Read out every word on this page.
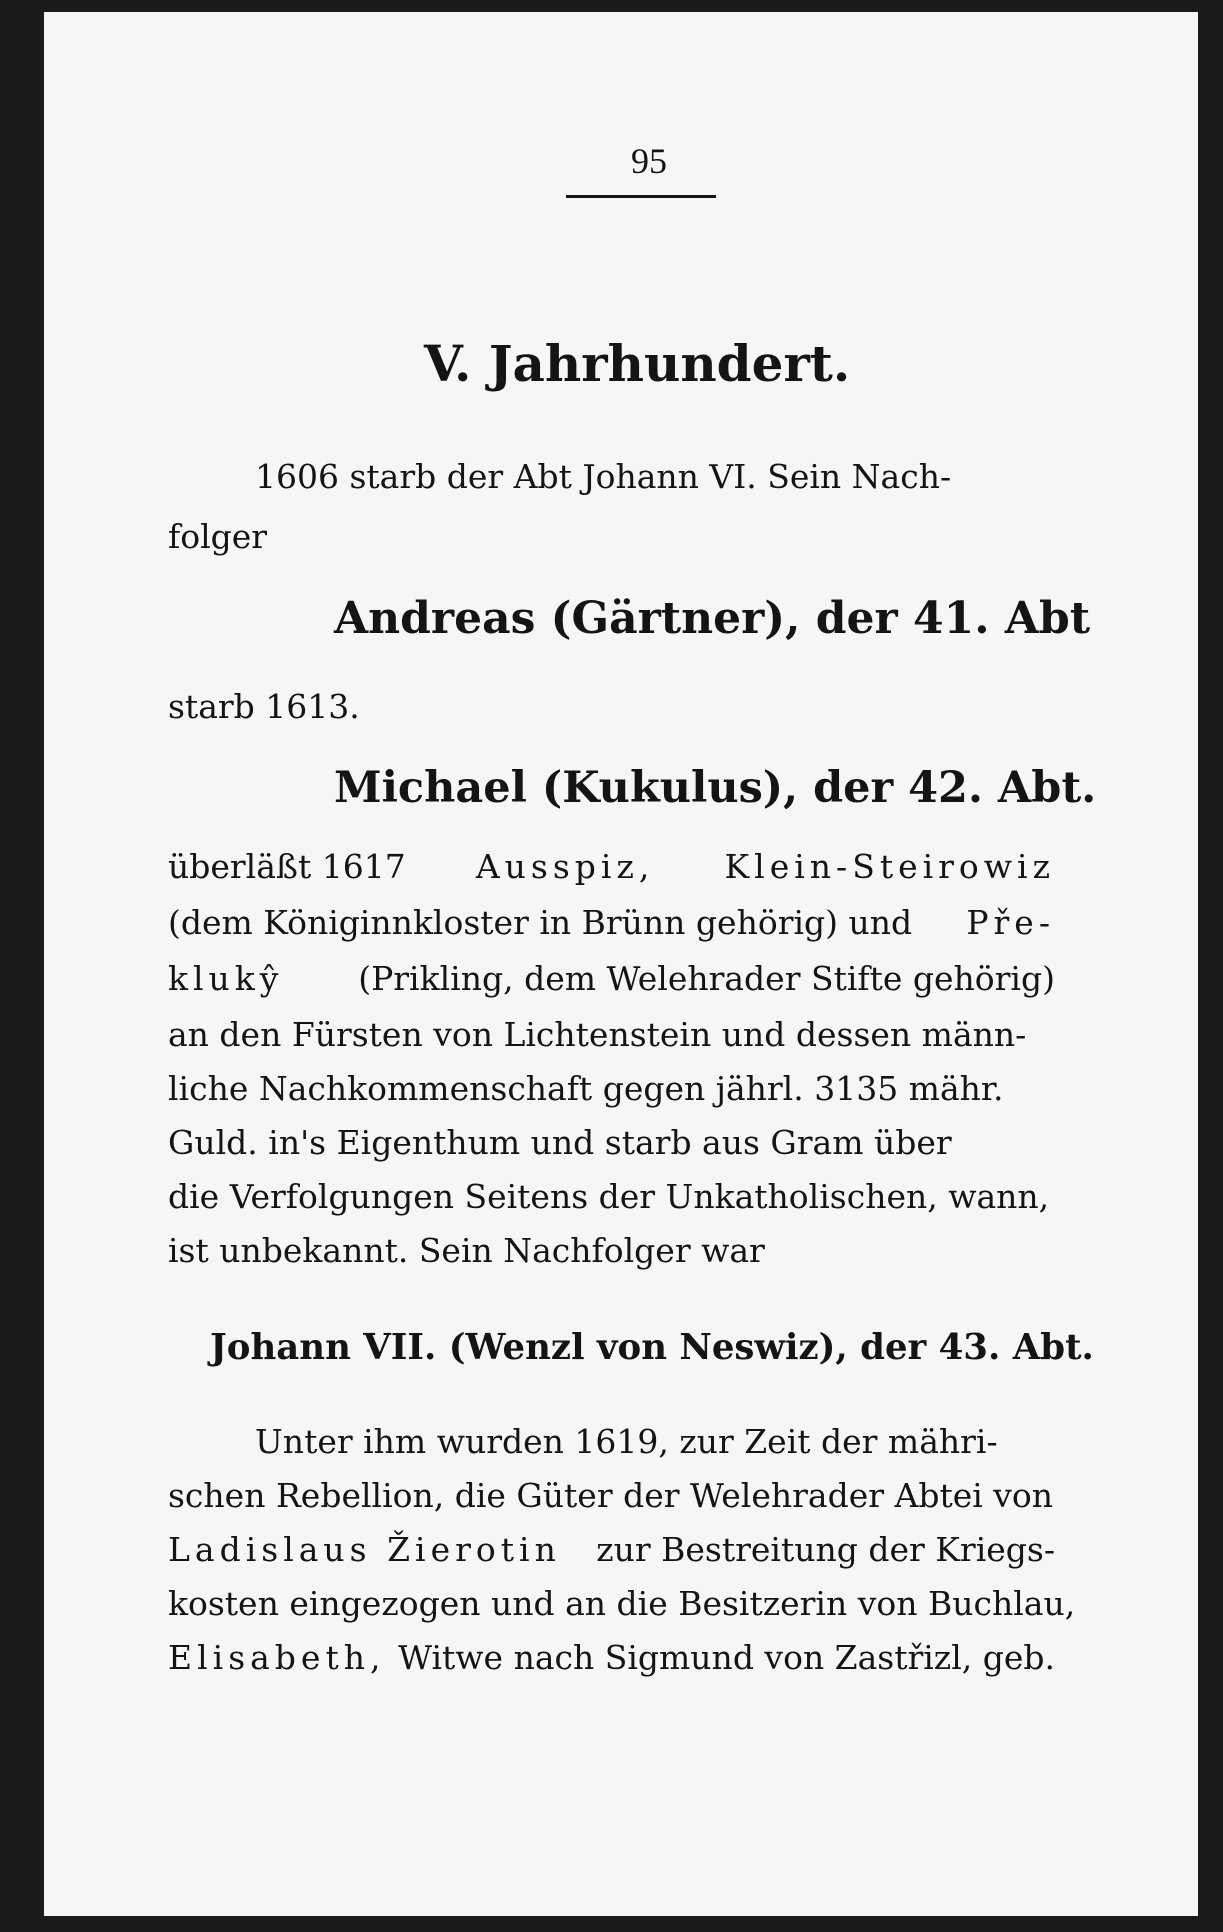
95
V. Jahrhundert.
1606 starb der Abt Johann VI. Sein Nach-
folger
Andreas (Gärtner), der 41. Abt
starb 1613.
Michael (Kukulus), der 42. Abt.
überläßt 1617 Ausspiz, Klein-Steirowiz
(dem Königinnkloster in Brünn gehörig) und Pře-
klukŷ (Prikling, dem Welehrader Stifte gehörig)
an den Fürsten von Lichtenstein und dessen männ-
liche Nachkommenschaft gegen jährl. 3135 mähr.
Guld. in's Eigenthum und starb aus Gram über
die Verfolgungen Seitens der Unkatholischen, wann,
ist unbekannt. Sein Nachfolger war
Johann VII. (Wenzl von Neswiz), der 43. Abt.
Unter ihm wurden 1619, zur Zeit der mähri-
schen Rebellion, die Güter der Welehrader Abtei von
Ladislaus Žierotin zur Bestreitung der Kriegs-
kosten eingezogen und an die Besitzerin von Buchlau,
Elisabeth, Witwe nach Sigmund von Zastřizl, geb.
